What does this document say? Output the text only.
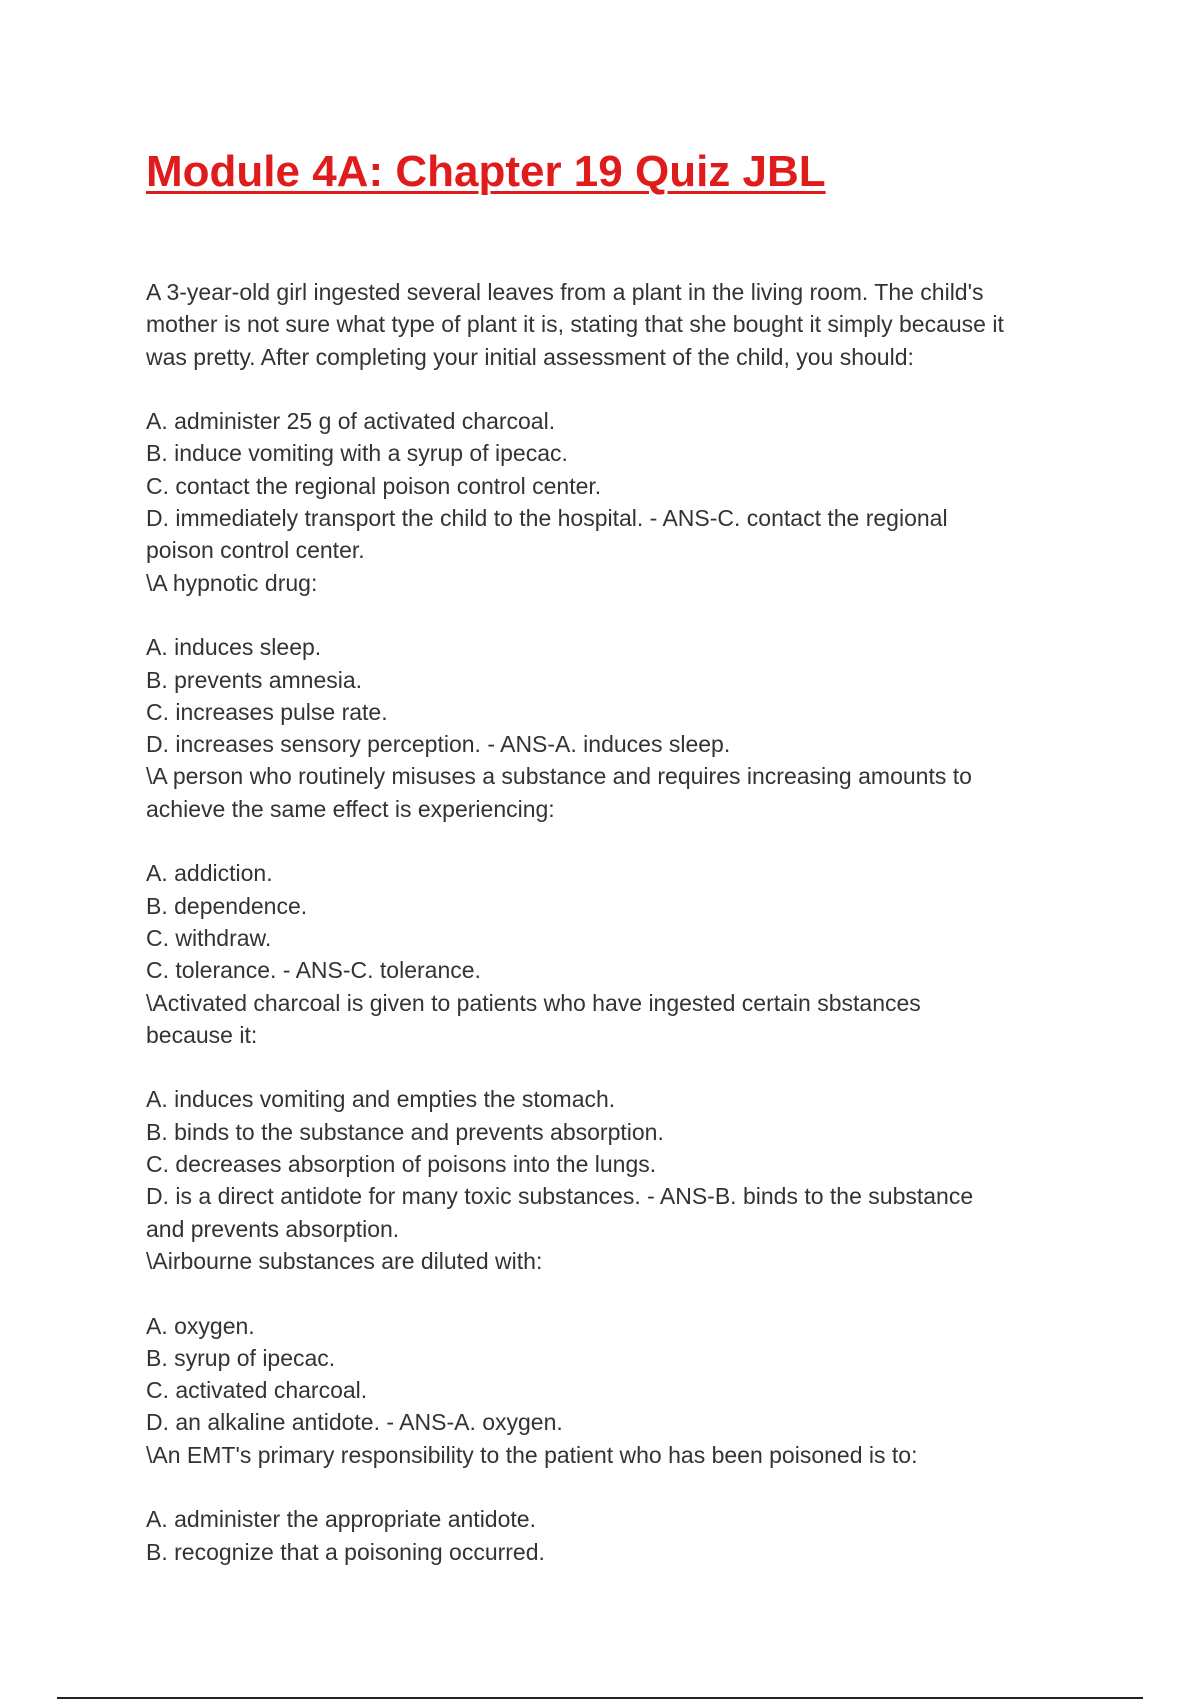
Module 4A: Chapter 19 Quiz JBL

A 3-year-old girl ingested several leaves from a plant in the living room. The child's

mother is not sure what type of plant it is, stating that she bought it simply because it

was pretty. After completing your initial assessment of the child, you should:

A. administer 25 g of activated charcoal.

B. induce vomiting with a syrup of ipecac.

C. contact the regional poison control center.

D. immediately transport the child to the hospital. - ANS-C. contact the regional

poison control center.

\A hypnotic drug:

A. induces sleep.

B. prevents amnesia.

C. increases pulse rate.

D. increases sensory perception. - ANS-A. induces sleep.

\A person who routinely misuses a substance and requires increasing amounts to

achieve the same effect is experiencing:

A. addiction.

B. dependence.

C. withdraw.

C. tolerance. - ANS-C. tolerance.

\Activated charcoal is given to patients who have ingested certain sbstances

because it:

A. induces vomiting and empties the stomach.

B. binds to the substance and prevents absorption.

C. decreases absorption of poisons into the lungs.

D. is a direct antidote for many toxic substances. - ANS-B. binds to the substance

and prevents absorption.

\Airbourne substances are diluted with:

A. oxygen.

B. syrup of ipecac.

C. activated charcoal.

D. an alkaline antidote. - ANS-A. oxygen.

\An EMT's primary responsibility to the patient who has been poisoned is to:

A. administer the appropriate antidote.

B. recognize that a poisoning occurred.
